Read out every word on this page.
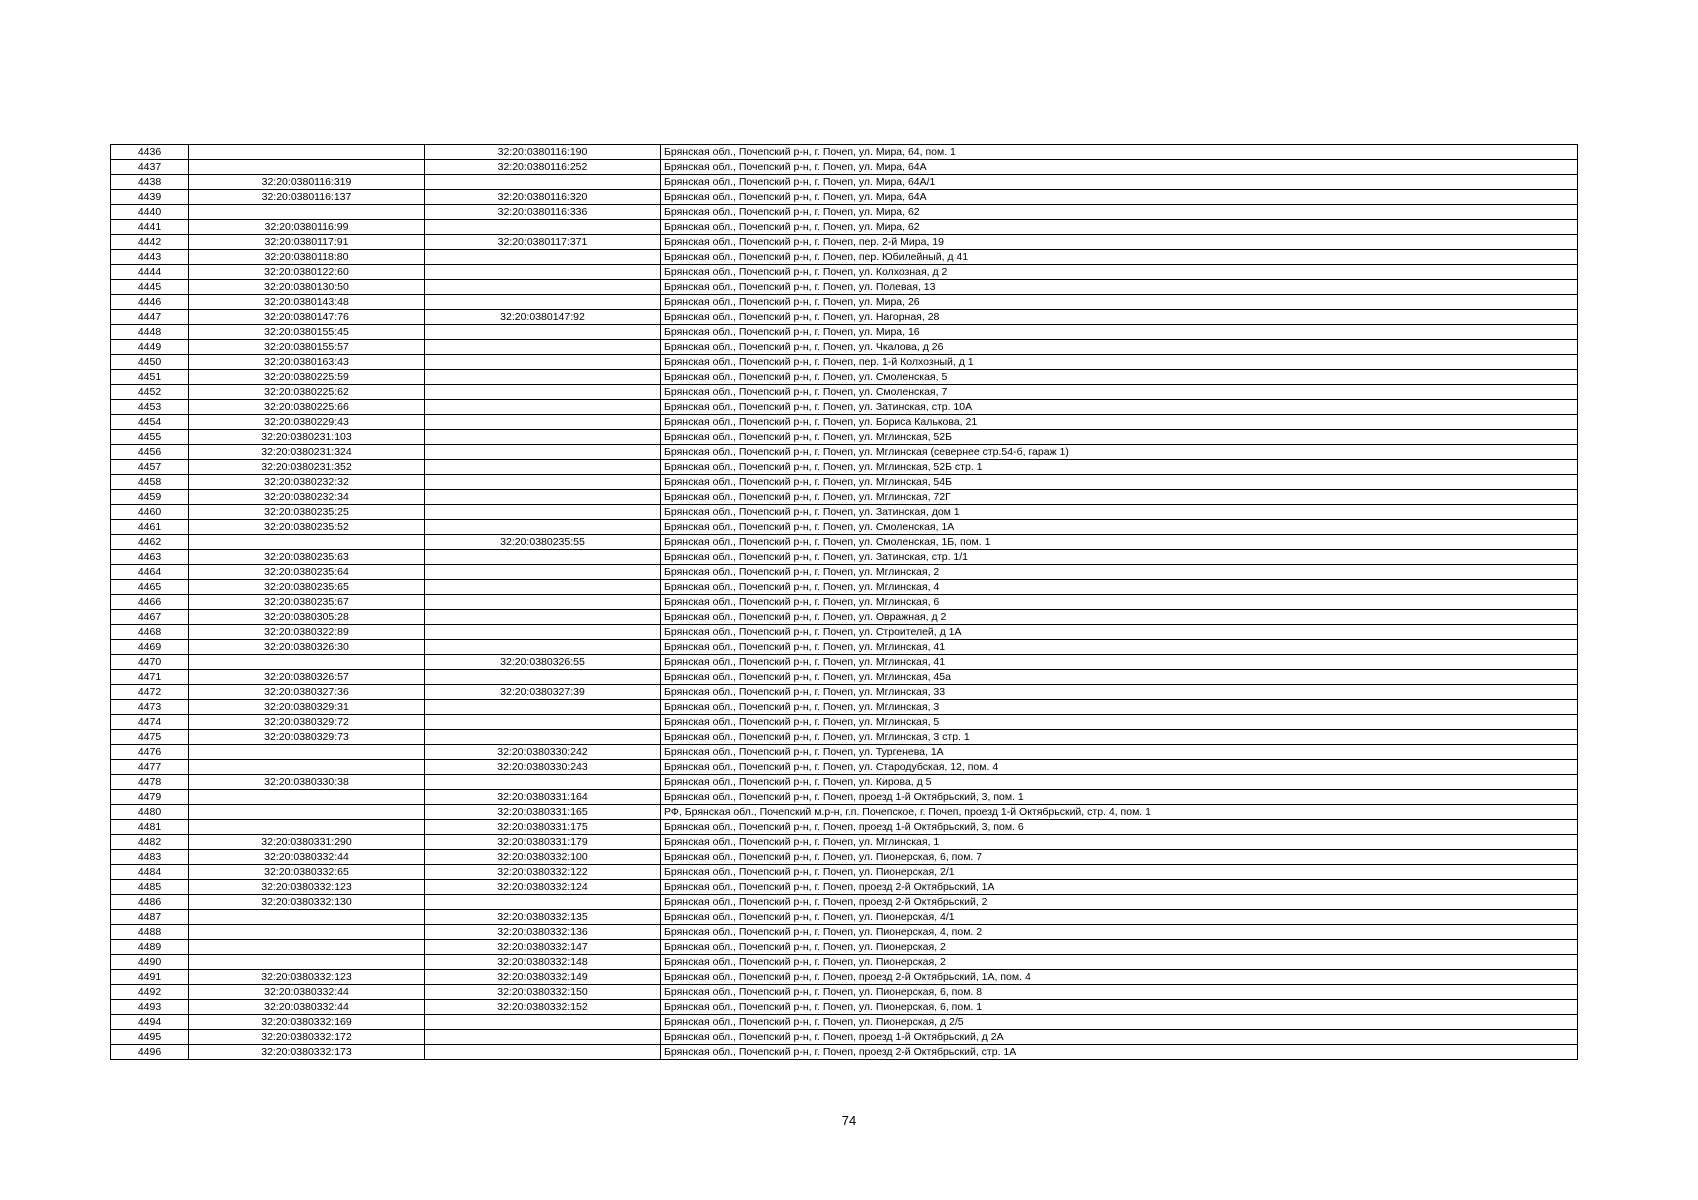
4436		32:20:0380116:190	Брянская обл., Почепский р-н, г. Почеп, ул. Мира, 64, пом. 1
4437		32:20:0380116:252	Брянская обл., Почепский р-н, г. Почеп, ул. Мира, 64А
4438	32:20:0380116:319		Брянская обл., Почепский р-н, г. Почеп, ул. Мира, 64А/1
4439	32:20:0380116:137	32:20:0380116:320	Брянская обл., Почепский р-н, г. Почеп, ул. Мира, 64А
4440		32:20:0380116:336	Брянская обл., Почепский р-н, г. Почеп, ул. Мира, 62
4441	32:20:0380116:99		Брянская обл., Почепский р-н, г. Почеп, ул. Мира, 62
4442	32:20:0380117:91	32:20:0380117:371	Брянская обл., Почепский р-н, г. Почеп, пер. 2-й Мира, 19
4443	32:20:0380118:80		Брянская обл., Почепский р-н, г. Почеп, пер. Юбилейный, д 41
4444	32:20:0380122:60		Брянская обл., Почепский р-н, г. Почеп, ул. Колхозная, д 2
4445	32:20:0380130:50		Брянская обл., Почепский р-н, г. Почеп, ул. Полевая, 13
4446	32:20:0380143:48		Брянская обл., Почепский р-н, г. Почеп, ул. Мира, 26
4447	32:20:0380147:76	32:20:0380147:92	Брянская обл., Почепский р-н, г. Почеп, ул. Нагорная, 28
4448	32:20:0380155:45		Брянская обл., Почепский р-н, г. Почеп, ул. Мира, 16
4449	32:20:0380155:57		Брянская обл., Почепский р-н, г. Почеп, ул. Чкалова, д 26
4450	32:20:0380163:43		Брянская обл., Почепский р-н, г. Почеп, пер. 1-й Колхозный, д 1
4451	32:20:0380225:59		Брянская обл., Почепский р-н, г. Почеп, ул. Смоленская, 5
4452	32:20:0380225:62		Брянская обл., Почепский р-н, г. Почеп, ул. Смоленская, 7
4453	32:20:0380225:66		Брянская обл., Почепский р-н, г. Почеп, ул. Затинская, стр. 10А
4454	32:20:0380229:43		Брянская обл., Почепский р-н, г. Почеп, ул. Бориса Калькова, 21
4455	32:20:0380231:103		Брянская обл., Почепский р-н, г. Почеп, ул. Мглинская, 52Б
4456	32:20:0380231:324		Брянская обл., Почепский р-н, г. Почеп, ул. Мглинская (севернее стр.54-б, гараж 1)
4457	32:20:0380231:352		Брянская обл., Почепский р-н, г. Почеп, ул. Мглинская, 52Б стр. 1
4458	32:20:0380232:32		Брянская обл., Почепский р-н, г. Почеп, ул. Мглинская, 54Б
4459	32:20:0380232:34		Брянская обл., Почепский р-н, г. Почеп, ул. Мглинская, 72Г
4460	32:20:0380235:25		Брянская обл., Почепский р-н, г. Почеп, ул. Затинская, дом 1
4461	32:20:0380235:52		Брянская обл., Почепский р-н, г. Почеп, ул. Смоленская, 1А
4462		32:20:0380235:55	Брянская обл., Почепский р-н, г. Почеп, ул. Смоленская, 1Б, пом. 1
4463	32:20:0380235:63		Брянская обл., Почепский р-н, г. Почеп, ул. Затинская, стр. 1/1
4464	32:20:0380235:64		Брянская обл., Почепский р-н, г. Почеп, ул. Мглинская, 2
4465	32:20:0380235:65		Брянская обл., Почепский р-н, г. Почеп, ул. Мглинская, 4
4466	32:20:0380235:67		Брянская обл., Почепский р-н, г. Почеп, ул. Мглинская, 6
4467	32:20:0380305:28		Брянская обл., Почепский р-н, г. Почеп, ул. Овражная, д 2
4468	32:20:0380322:89		Брянская обл., Почепский р-н, г. Почеп, ул. Строителей, д 1А
4469	32:20:0380326:30		Брянская обл., Почепский р-н, г. Почеп, ул. Мглинская, 41
4470		32:20:0380326:55	Брянская обл., Почепский р-н, г. Почеп, ул. Мглинская, 41
4471	32:20:0380326:57		Брянская обл., Почепский р-н, г. Почеп, ул. Мглинская, 45а
4472	32:20:0380327:36	32:20:0380327:39	Брянская обл., Почепский р-н, г. Почеп, ул. Мглинская, 33
4473	32:20:0380329:31		Брянская обл., Почепский р-н, г. Почеп, ул. Мглинская, 3
4474	32:20:0380329:72		Брянская обл., Почепский р-н, г. Почеп, ул. Мглинская, 5
4475	32:20:0380329:73		Брянская обл., Почепский р-н, г. Почеп, ул. Мглинская, 3 стр. 1
4476		32:20:0380330:242	Брянская обл., Почепский р-н, г. Почеп, ул. Тургенева, 1А
4477		32:20:0380330:243	Брянская обл., Почепский р-н, г. Почеп, ул. Стародубская, 12, пом. 4
4478	32:20:0380330:38		Брянская обл., Почепский р-н, г. Почеп, ул. Кирова, д 5
4479		32:20:0380331:164	Брянская обл., Почепский р-н, г. Почеп, проезд 1-й Октябрьский, 3, пом. 1
4480		32:20:0380331:165	РФ, Брянская обл., Почепский м.р-н, г.п. Почепское, г. Почеп, проезд 1-й Октябрьский, стр. 4, пом. 1
4481		32:20:0380331:175	Брянская обл., Почепский р-н, г. Почеп, проезд 1-й Октябрьский, 3, пом. 6
4482	32:20:0380331:290	32:20:0380331:179	Брянская обл., Почепский р-н, г. Почеп, ул. Мглинская, 1
4483	32:20:0380332:44	32:20:0380332:100	Брянская обл., Почепский р-н, г. Почеп, ул. Пионерская, 6, пом. 7
4484	32:20:0380332:65	32:20:0380332:122	Брянская обл., Почепский р-н, г. Почеп, ул. Пионерская, 2/1
4485	32:20:0380332:123	32:20:0380332:124	Брянская обл., Почепский р-н, г. Почеп, проезд 2-й Октябрьский, 1А
4486	32:20:0380332:130		Брянская обл., Почепский р-н, г. Почеп, проезд 2-й Октябрьский, 2
4487		32:20:0380332:135	Брянская обл., Почепский р-н, г. Почеп, ул. Пионерская, 4/1
4488		32:20:0380332:136	Брянская обл., Почепский р-н, г. Почеп, ул. Пионерская, 4, пом. 2
4489		32:20:0380332:147	Брянская обл., Почепский р-н, г. Почеп, ул. Пионерская, 2
4490		32:20:0380332:148	Брянская обл., Почепский р-н, г. Почеп, ул. Пионерская, 2
4491	32:20:0380332:123	32:20:0380332:149	Брянская обл., Почепский р-н, г. Почеп, проезд 2-й Октябрьский, 1А, пом. 4
4492	32:20:0380332:44	32:20:0380332:150	Брянская обл., Почепский р-н, г. Почеп, ул. Пионерская, 6, пом. 8
4493	32:20:0380332:44	32:20:0380332:152	Брянская обл., Почепский р-н, г. Почеп, ул. Пионерская, 6, пом. 1
4494	32:20:0380332:169		Брянская обл., Почепский р-н, г. Почеп, ул. Пионерская, д 2/5
4495	32:20:0380332:172		Брянская обл., Почепский р-н, г. Почеп, проезд 1-й Октябрьский, д 2А
4496	32:20:0380332:173		Брянская обл., Почепский р-н, г. Почеп, проезд 2-й Октябрьский, стр. 1А
74
